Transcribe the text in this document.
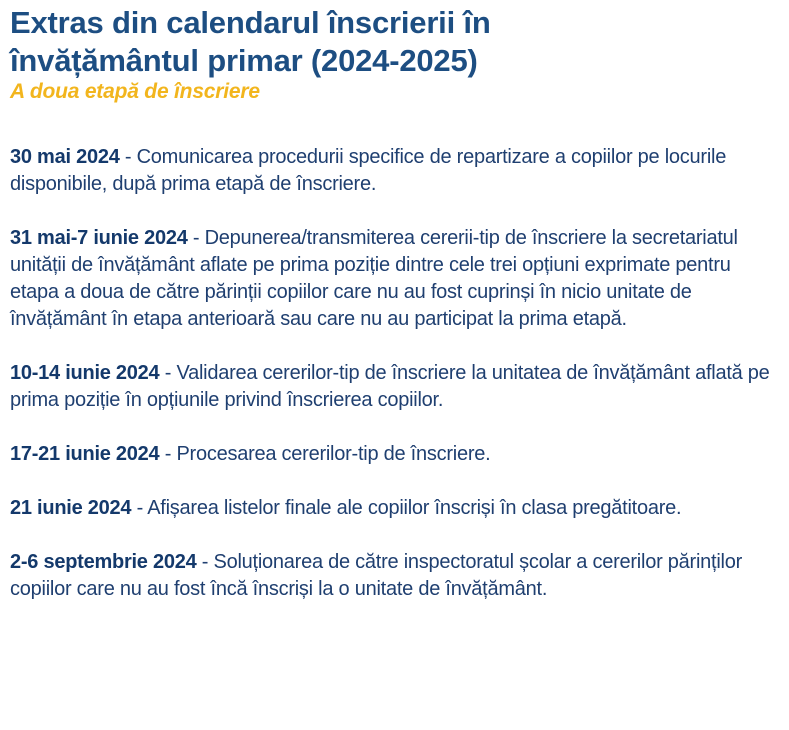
Extras din calendarul înscrierii în
învățământul primar (2024-2025)

A doua etapă de înscriere

30 mai 2024 - Comunicarea procedurii specifice de repartizare a copiilor pe locurile disponibile, după prima etapă de înscriere.
31 mai-7 iunie 2024 - Depunerea/transmiterea cererii-tip de înscriere la secretariatul unității de învățământ aflate pe prima poziție dintre cele trei opțiuni exprimate pentru etapa a doua de către părinții copiilor care nu au fost cuprinși în nicio unitate de învățământ în etapa anterioară sau care nu au participat la prima etapă.
10-14 iunie 2024 - Validarea cererilor-tip de înscriere la unitatea de învățământ aflată pe prima poziție în opțiunile privind înscrierea copiilor.
17-21 iunie 2024 - Procesarea cererilor-tip de înscriere.
21 iunie 2024 - Afișarea listelor finale ale copiilor înscriși în clasa pregătitoare.
2-6 septembrie 2024 - Soluționarea de către inspectoratul școlar a cererilor părinților copiilor care nu au fost încă înscriși la o unitate de învățământ.
